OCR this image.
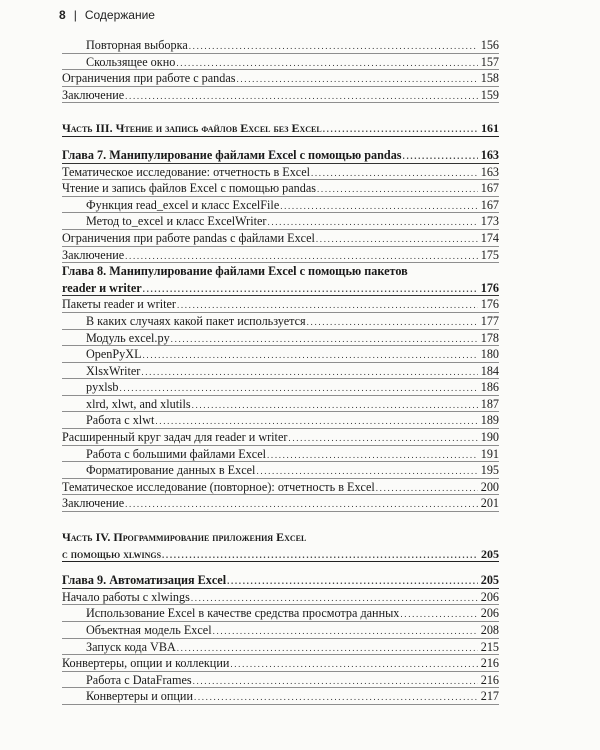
8 | Содержание
Повторная выборка . . .	156
Скользящее окно . . .	157
Ограничения при работе с pandas . . .	158
Заключение . . .	159
Часть III. Чтение и запись файлов Excel без Excel . . .	161
Глава 7. Манипулирование файлами Excel с помощью pandas . . .	163
Тематическое исследование: отчетность в Excel . . .	163
Чтение и запись файлов Excel с помощью pandas . . .	167
Функция read_excel и класс ExcelFile . . .	167
Метод to_excel и класс ExcelWriter . . .	173
Ограничения при работе pandas с файлами Excel . . .	174
Заключение . . .	175
Глава 8. Манипулирование файлами Excel с помощью пакетов
reader и writer . . .	176
Пакеты reader и writer . . .	176
В каких случаях какой пакет используется . . .	177
Модуль excel.py . . .	178
OpenPyXL . . .	180
XlsxWriter . . .	184
pyxlsb . . .	186
xlrd, xlwt, and xlutils . . .	187
Работа с xlwt . . .	189
Расширенный круг задач для reader и writer . . .	190
Работа с большими файлами Excel . . .	191
Форматирование данных в Excel . . .	195
Тематическое исследование (повторное): отчетность в Excel . . .	200
Заключение . . .	201
Часть IV. Программирование приложения Excel
с помощью xlwings . . .	205
Глава 9. Автоматизация Excel . . .	205
Начало работы с xlwings . . .	206
Использование Excel в качестве средства просмотра данных . . .	206
Объектная модель Excel . . .	208
Запуск кода VBA . . .	215
Конвертеры, опции и коллекции . . .	216
Работа с DataFrames . . .	216
Конвертеры и опции . . .	217
